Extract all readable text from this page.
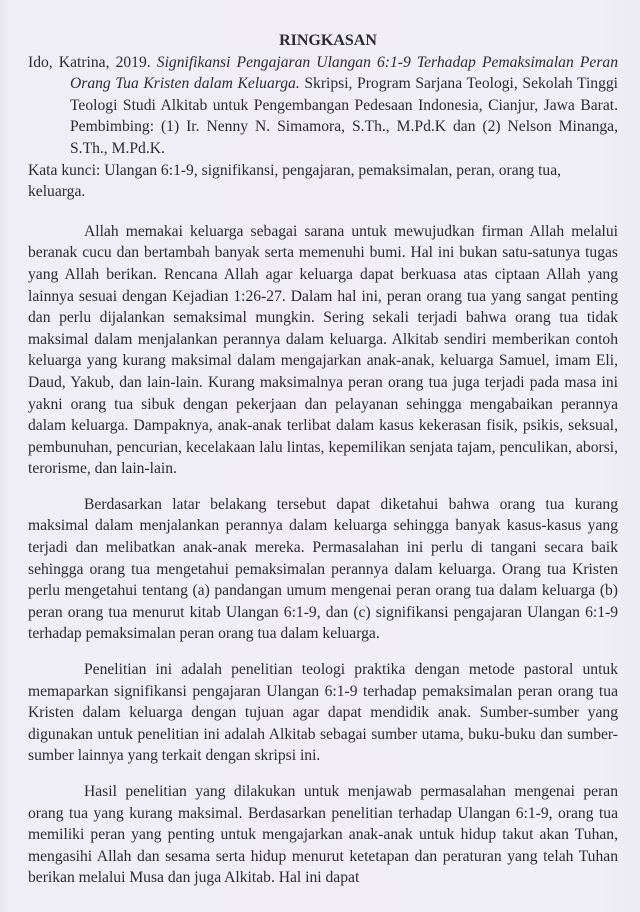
RINGKASAN

Ido, Katrina, 2019. Signifikansi Pengajaran Ulangan 6:1-9 Terhadap Pemaksimalan Peran Orang Tua Kristen dalam Keluarga. Skripsi, Program Sarjana Teologi, Sekolah Tinggi Teologi Studi Alkitab untuk Pengembangan Pedesaan Indonesia, Cianjur, Jawa Barat. Pembimbing: (1) Ir. Nenny N. Simamora, S.Th., M.Pd.K dan (2) Nelson Minanga, S.Th., M.Pd.K.

Kata kunci: Ulangan 6:1-9, signifikansi, pengajaran, pemaksimalan, peran, orang tua, keluarga.

Allah memakai keluarga sebagai sarana untuk mewujudkan firman Allah melalui beranak cucu dan bertambah banyak serta memenuhi bumi. Hal ini bukan satu-satunya tugas yang Allah berikan. Rencana Allah agar keluarga dapat berkuasa atas ciptaan Allah yang lainnya sesuai dengan Kejadian 1:26-27. Dalam hal ini, peran orang tua yang sangat penting dan perlu dijalankan semaksimal mungkin. Sering sekali terjadi bahwa orang tua tidak maksimal dalam menjalankan perannya dalam keluarga. Alkitab sendiri memberikan contoh keluarga yang kurang maksimal dalam mengajarkan anak-anak, keluarga Samuel, imam Eli, Daud, Yakub, dan lain-lain. Kurang maksimalnya peran orang tua juga terjadi pada masa ini yakni orang tua sibuk dengan pekerjaan dan pelayanan sehingga mengabaikan perannya dalam keluarga. Dampaknya, anak-anak terlibat dalam kasus kekerasan fisik, psikis, seksual, pembunuhan, pencurian, kecelakaan lalu lintas, kepemilikan senjata tajam, penculikan, aborsi, terorisme, dan lain-lain.

Berdasarkan latar belakang tersebut dapat diketahui bahwa orang tua kurang maksimal dalam menjalankan perannya dalam keluarga sehingga banyak kasus-kasus yang terjadi dan melibatkan anak-anak mereka. Permasalahan ini perlu di tangani secara baik sehingga orang tua mengetahui pemaksimalan perannya dalam keluarga. Orang tua Kristen perlu mengetahui tentang (a) pandangan umum mengenai peran orang tua dalam keluarga (b) peran orang tua menurut kitab Ulangan 6:1-9, dan (c) signifikansi pengajaran Ulangan 6:1-9 terhadap pemaksimalan peran orang tua dalam keluarga.

Penelitian ini adalah penelitian teologi praktika dengan metode pastoral untuk memaparkan signifikansi pengajaran Ulangan 6:1-9 terhadap pemaksimalan peran orang tua Kristen dalam keluarga dengan tujuan agar dapat mendidik anak. Sumber-sumber yang digunakan untuk penelitian ini adalah Alkitab sebagai sumber utama, buku-buku dan sumber-sumber lainnya yang terkait dengan skripsi ini.

Hasil penelitian yang dilakukan untuk menjawab permasalahan mengenai peran orang tua yang kurang maksimal. Berdasarkan penelitian terhadap Ulangan 6:1-9, orang tua memiliki peran yang penting untuk mengajarkan anak-anak untuk hidup takut akan Tuhan, mengasihi Allah dan sesama serta hidup menurut ketetapan dan peraturan yang telah Tuhan berikan melalui Musa dan juga Alkitab. Hal ini dapat
